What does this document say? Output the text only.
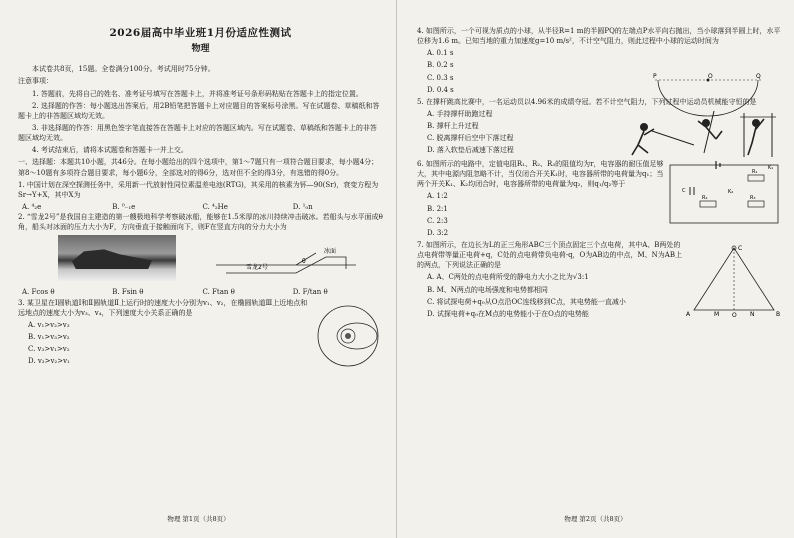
2026届高中毕业班1月份适应性测试
物理

本试卷共8页，15题。全卷满分100分。考试用时75分钟。

注意事项：

1. 答题前，先将自己的姓名、准考证号填写在答题卡上，并将准考证号条形码粘贴在答题卡上的指定位置。

2. 选择题的作答：每小题选出答案后，用2B铅笔把答题卡上对应题目的答案标号涂黑。写在试题卷、草稿纸和答题卡上的非答题区域均无效。

3. 非选择题的作答：用黑色签字笔直接答在答题卡上对应的答题区域内。写在试题卷、草稿纸和答题卡上的非答题区域均无效。

4. 考试结束后，请将本试题卷和答题卡一并上交。

一、选择题：本题共10小题，共46分。在每小题给出的四个选项中，第1～7题只有一项符合题目要求，每小题4分；第8～10题有多项符合题目要求，每小题6分，全部选对的得6分，选对但不全的得3分，有选错的得0分。

1. 中国计划在深空探测任务中，采用新一代放射性同位素温差电池(RTG)，其采用的核素为钚—90(Sr)，衰变方程为Sr→Y+X，其中X为

A. ⁴₂e	B. ⁰₋₁e	C. ⁴₂He	D. ¹₀n

2. “雪龙2号”是我国自主建造的第一艘极地科学考察破冰船，能够在1.5米厚的冰川持续冲击破冰。若船头与水平面成θ角，船头对冰面的压力大小为F，方向垂直于接触面向下，则F在竖直方向的分力大小为

雪龙2号
冰面
θ
A. Fcos θ	B. Fsin θ	C. Ftan θ	D. F/tan θ

3. 某卫星在Ⅰ圆轨道Ⅰ和Ⅱ圆轨道Ⅱ上运行时的速度大小分别为v₁、v₂，在椭圆轨道Ⅲ上近地点和远地点的速度大小为v₃、v₄，下列速度大小关系正确的是

A. v₁>v₂>v₃

B. v₁>v₃>v₂

C. v₃>v₁>v₂

D. v₃>v₂>v₁

物理 第1页（共8页）

4. 如图所示，一个可视为质点的小球，从半径R=1 m的半圆PQ的左端点P水平向右抛出，当小球落到半圆上时，水平位移为1.6 m。已知当地的重力加速度g=10 m/s²，不计空气阻力，则此过程中小球的运动时间为

A. 0.1 s

B. 0.2 s

C. 0.3 s

D. 0.4 s

P	O	Q

5. 在撑杆跳高比赛中，一名运动员以4.96米的成绩夺冠。若不计空气阻力，下列过程中运动员机械能守恒的是

A. 手持撑杆助跑过程

B. 撑杆上升过程

C. 脱离撑杆后空中下落过程

D. 落入软垫后减速下落过程

6. 如图所示的电路中，定值电阻R₁、R₂、R₃的阻值均为r，电容器的耐压值足够大，其中电源内阻忽略不计，当仅闭合开关K₁时，电容器所带的电荷量为q₁；当两个开关K₁、K₂均闭合时，电容器所带的电荷量为q₂，则q₁/q₂等于

A. 1:2

B. 2:1

C. 2:3

D. 3:2

R₁
C
R₂	R₃
K₂
K₁

7. 如图所示，在边长为L的正三角形ABC三个顶点固定三个点电荷，其中A、B两处的点电荷带等量正电荷+q，C处的点电荷带负电荷-q，O为AB边的中点，M、N为AB上的两点，下列说法正确的是

A. A、C两处的点电荷所受的静电力大小之比为√3:1

B. M、N两点的电场强度和电势都相同

C. 将试探电荷+q₀从O点沿OC连线移到C点，其电势能一直减小

D. 试探电荷+q₀在M点的电势能小于在O点的电势能

C
A	B
M O N
物理 第2页（共8页）
